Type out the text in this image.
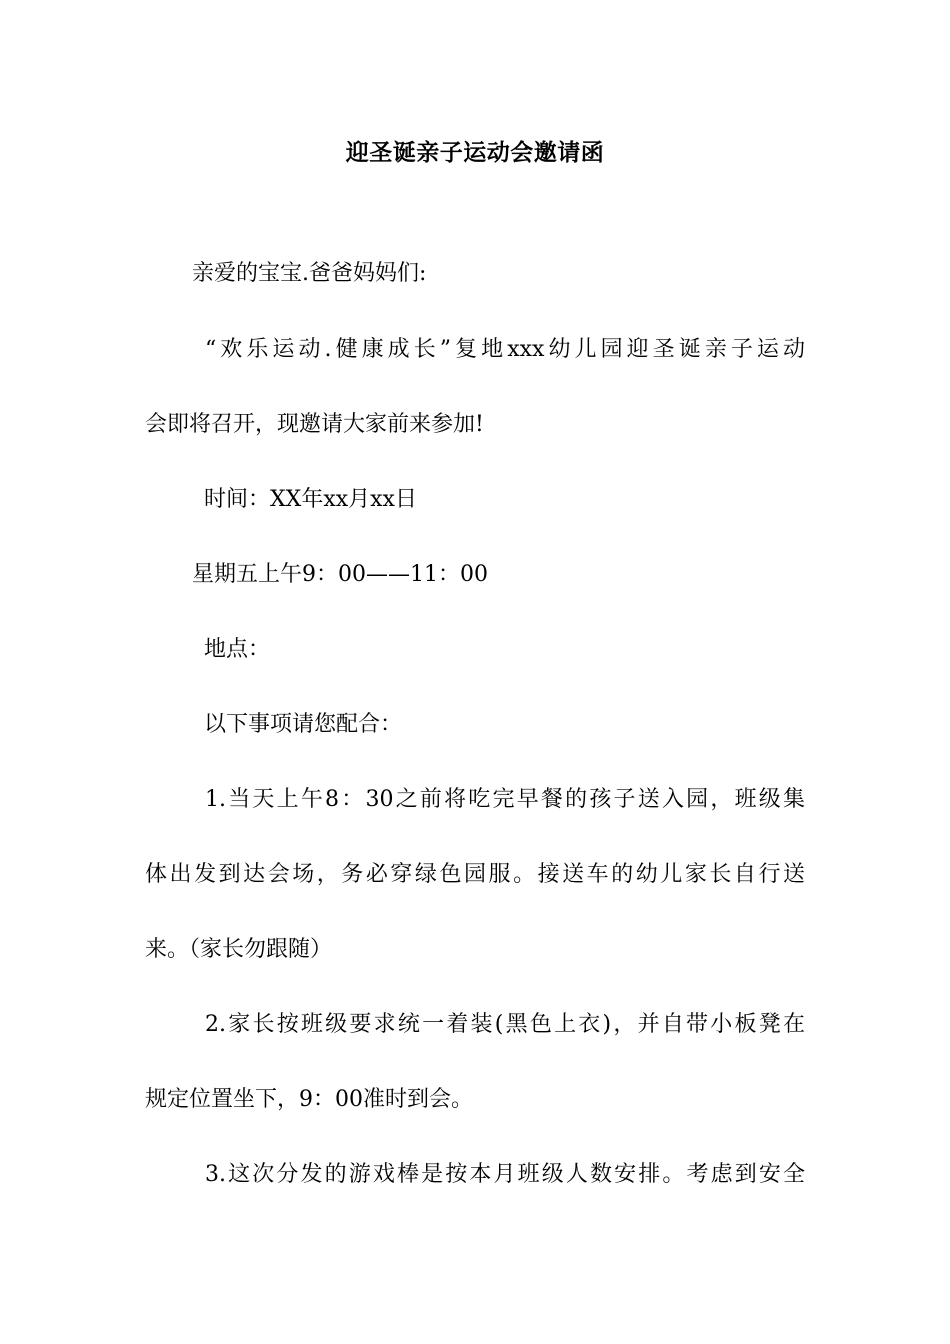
迎圣诞亲子运动会邀请函
亲爱的宝宝.爸爸妈妈们:
“欢乐运动.健康成长”复地xxx幼儿园迎圣诞亲子运动
会即将召开，现邀请大家前来参加!
时间：XX年xx月xx日
星期五上午9：00——11：00
地点：
以下事项请您配合：
1.当天上午8：30之前将吃完早餐的孩子送入园，班级集
体出发到达会场，务必穿绿色园服。接送车的幼儿家长自行送
来。（家长勿跟随）
2.家长按班级要求统一着装(黑色上衣)，并自带小板凳在
规定位置坐下，9：00准时到会。
3.这次分发的游戏棒是按本月班级人数安排。考虑到安全
